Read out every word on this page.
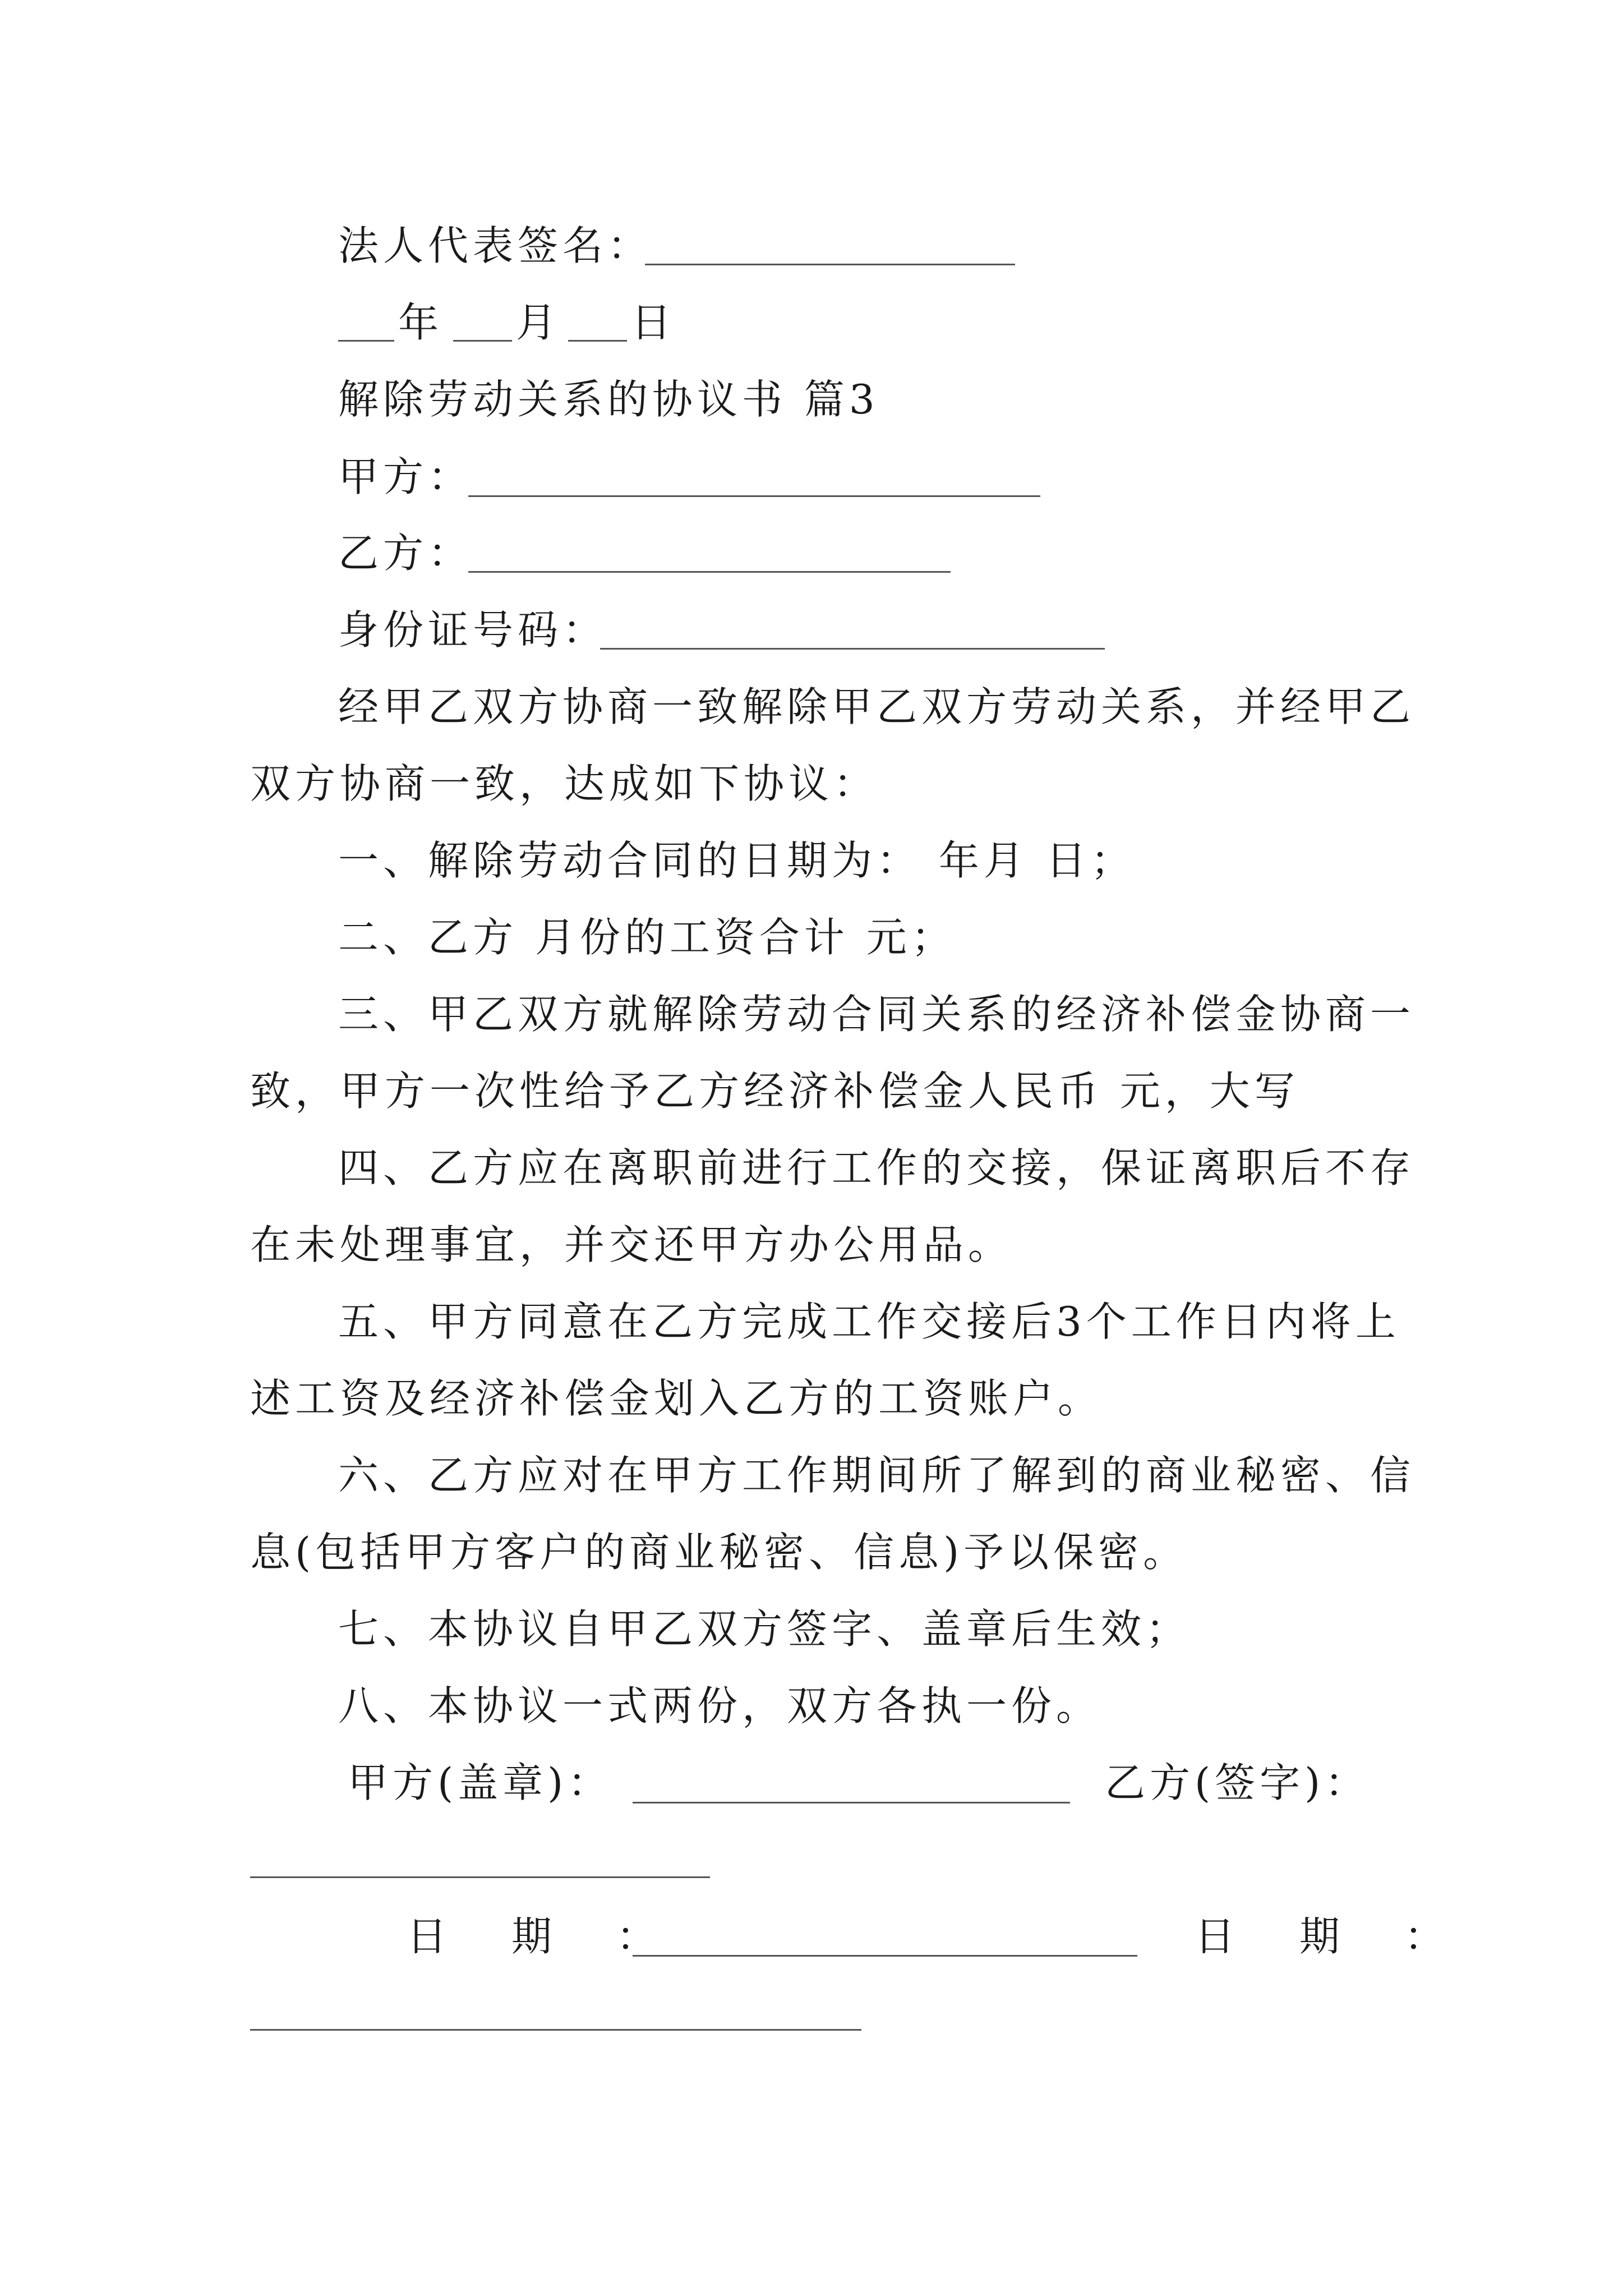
法人代表签名：
年 月 日
解除劳动关系的协议书 篇3
甲方：
乙方：
身份证号码：
经甲乙双方协商一致解除甲乙双方劳动关系，并经甲乙
双方协商一致，达成如下协议：
一、解除劳动合同的日期为： 年月 日；
二、乙方 月份的工资合计 元；
三、甲乙双方就解除劳动合同关系的经济补偿金协商一
致，甲方一次性给予乙方经济补偿金人民币 元，大写
四、乙方应在离职前进行工作的交接，保证离职后不存
在未处理事宜，并交还甲方办公用品。
五、甲方同意在乙方完成工作交接后3个工作日内将上
述工资及经济补偿金划入乙方的工资账户。
六、乙方应对在甲方工作期间所了解到的商业秘密、信
息(包括甲方客户的商业秘密、信息)予以保密。
七、本协议自甲乙双方签字、盖章后生效；
八、本协议一式两份，双方各执一份。
甲方(盖章)：	乙方(签字)：
日 期 ：	日 期 ：
